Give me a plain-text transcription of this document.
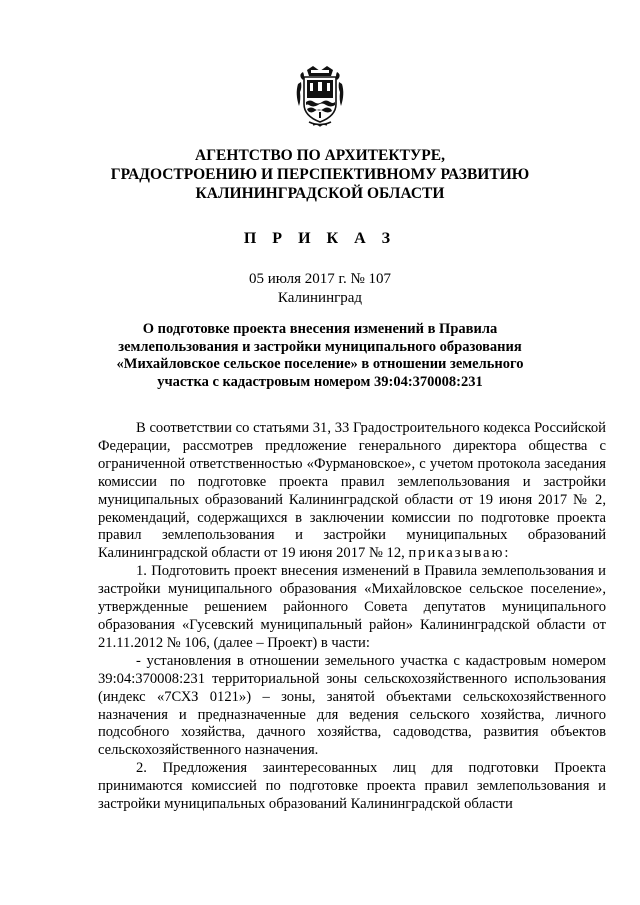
АГЕНТСТВО ПО АРХИТЕКТУРЕ,
ГРАДОСТРОЕНИЮ И ПЕРСПЕКТИВНОМУ РАЗВИТИЮ
КАЛИНИНГРАДСКОЙ ОБЛАСТИ
П Р И К А З
05 июля 2017 г. № 107
Калининград
О подготовке проекта внесения изменений в Правила
землепользования и застройки муниципального образования
«Михайловское сельское поселение» в отношении земельного
участка с кадастровым номером 39:04:370008:231

В соответствии со статьями 31, 33 Градостроительного кодекса Российской Федерации, рассмотрев предложение генерального директора общества с ограниченной ответственностью «Фурмановское», с учетом протокола заседания комиссии по подготовке проекта правил землепользования и застройки муниципальных образований Калининградской области от 19 июня 2017 № 2, рекомендаций, содержащихся в заключении комиссии по подготовке проекта правил землепользования и застройки муниципальных образований Калининградской области от 19 июня 2017 № 12, приказываю:

1. Подготовить проект внесения изменений в Правила землепользования и застройки муниципального образования «Михайловское сельское поселение», утвержденные решением районного Совета депутатов муниципального образования «Гусевский муниципальный район» Калининградской области от 21.11.2012 № 106, (далее – Проект) в части:

- установления в отношении земельного участка с кадастровым номером 39:04:370008:231 территориальной зоны сельскохозяйственного использования (индекс «7СХЗ 0121») – зоны, занятой объектами сельскохозяйственного назначения и предназначенные для ведения сельского хозяйства, личного подсобного хозяйства, дачного хозяйства, садоводства, развития объектов сельскохозяйственного назначения.

2. Предложения заинтересованных лиц для подготовки Проекта принимаются комиссией по подготовке проекта правил землепользования и застройки муниципальных образований Калининградской области
